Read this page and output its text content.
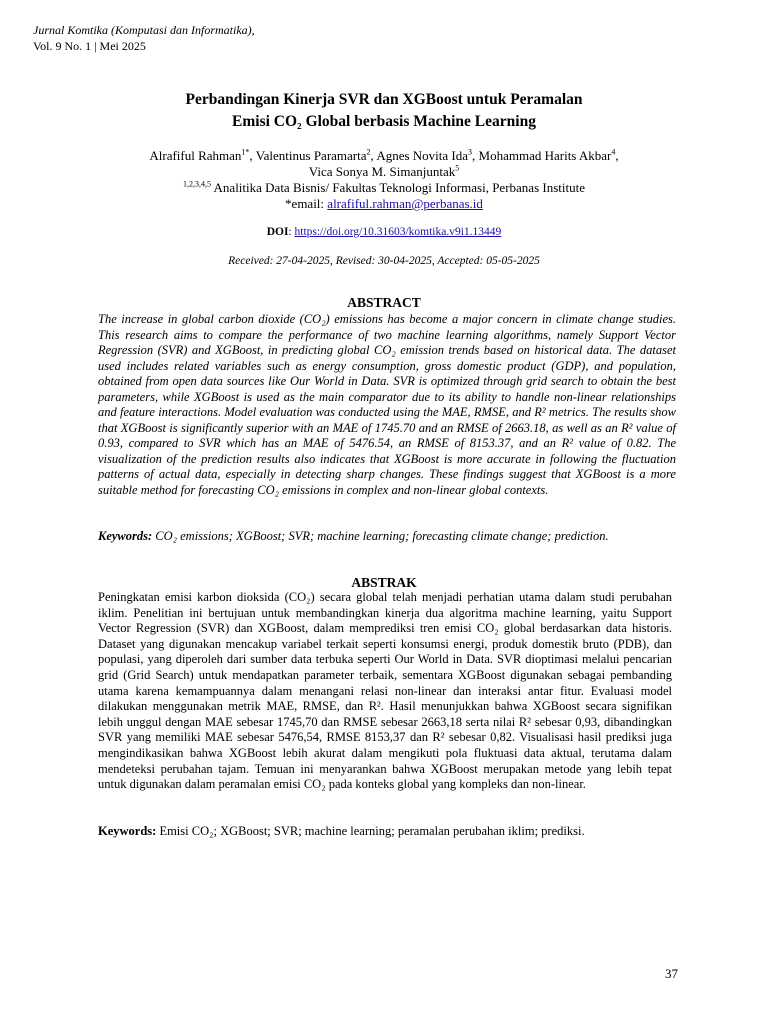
Jurnal Komtika (Komputasi dan Informatika),
Vol. 9 No. 1 | Mei 2025
Perbandingan Kinerja SVR dan XGBoost untuk Peramalan
Emisi CO₂ Global berbasis Machine Learning
Alrafiful Rahman$^{1*}$, Valentinus Paramarta$^2$, Agnes Novita Ida$^3$, Mohammad Harits Akbar$^4$,
Vica Sonya M. Simanjuntak$^5$
$^{1,2,3,4,5}$ Analitika Data Bisnis/ Fakultas Teknologi Informasi, Perbanas Institute
*email: alrafiful.rahman@perbanas.id
DOI: https://doi.org/10.31603/komtika.v9i1.13449
Received: 27-04-2025, Revised: 30-04-2025, Accepted: 05-05-2025
ABSTRACT
The increase in global carbon dioxide (CO₂) emissions has become a major concern in climate change studies. This research aims to compare the performance of two machine learning algorithms, namely Support Vector Regression (SVR) and XGBoost, in predicting global CO₂ emission trends based on historical data. The dataset used includes related variables such as energy consumption, gross domestic product (GDP), and population, obtained from open data sources like Our World in Data. SVR is optimized through grid search to obtain the best parameters, while XGBoost is used as the main comparator due to its ability to handle non-linear relationships and feature interactions. Model evaluation was conducted using the MAE, RMSE, and R² metrics. The results show that XGBoost is significantly superior with an MAE of 1745.70 and an RMSE of 2663.18, as well as an R² value of 0.93, compared to SVR which has an MAE of 5476.54, an RMSE of 8153.37, and an R² value of 0.82. The visualization of the prediction results also indicates that XGBoost is more accurate in following the fluctuation patterns of actual data, especially in detecting sharp changes. These findings suggest that XGBoost is a more suitable method for forecasting CO₂ emissions in complex and non-linear global contexts.
Keywords: CO₂ emissions; XGBoost; SVR; machine learning; forecasting climate change; prediction.
ABSTRAK
Peningkatan emisi karbon dioksida (CO₂) secara global telah menjadi perhatian utama dalam studi perubahan iklim. Penelitian ini bertujuan untuk membandingkan kinerja dua algoritma machine learning, yaitu Support Vector Regression (SVR) dan XGBoost, dalam memprediksi tren emisi CO₂ global berdasarkan data historis. Dataset yang digunakan mencakup variabel terkait seperti konsumsi energi, produk domestik bruto (PDB), dan populasi, yang diperoleh dari sumber data terbuka seperti Our World in Data. SVR dioptimasi melalui pencarian grid (Grid Search) untuk mendapatkan parameter terbaik, sementara XGBoost digunakan sebagai pembanding utama karena kemampuannya dalam menangani relasi non-linear dan interaksi antar fitur. Evaluasi model dilakukan menggunakan metrik MAE, RMSE, dan R². Hasil menunjukkan bahwa XGBoost secara signifikan lebih unggul dengan MAE sebesar 1745,70 dan RMSE sebesar 2663,18 serta nilai R² sebesar 0,93, dibandingkan SVR yang memiliki MAE sebesar 5476,54, RMSE 8153,37 dan R² sebesar 0,82. Visualisasi hasil prediksi juga mengindikasikan bahwa XGBoost lebih akurat dalam mengikuti pola fluktuasi data aktual, terutama dalam mendeteksi perubahan tajam. Temuan ini menyarankan bahwa XGBoost merupakan metode yang lebih tepat untuk digunakan dalam peramalan emisi CO₂ pada konteks global yang kompleks dan non-linear.
Keywords: Emisi CO₂; XGBoost; SVR; machine learning; peramalan perubahan iklim; prediksi.
37
